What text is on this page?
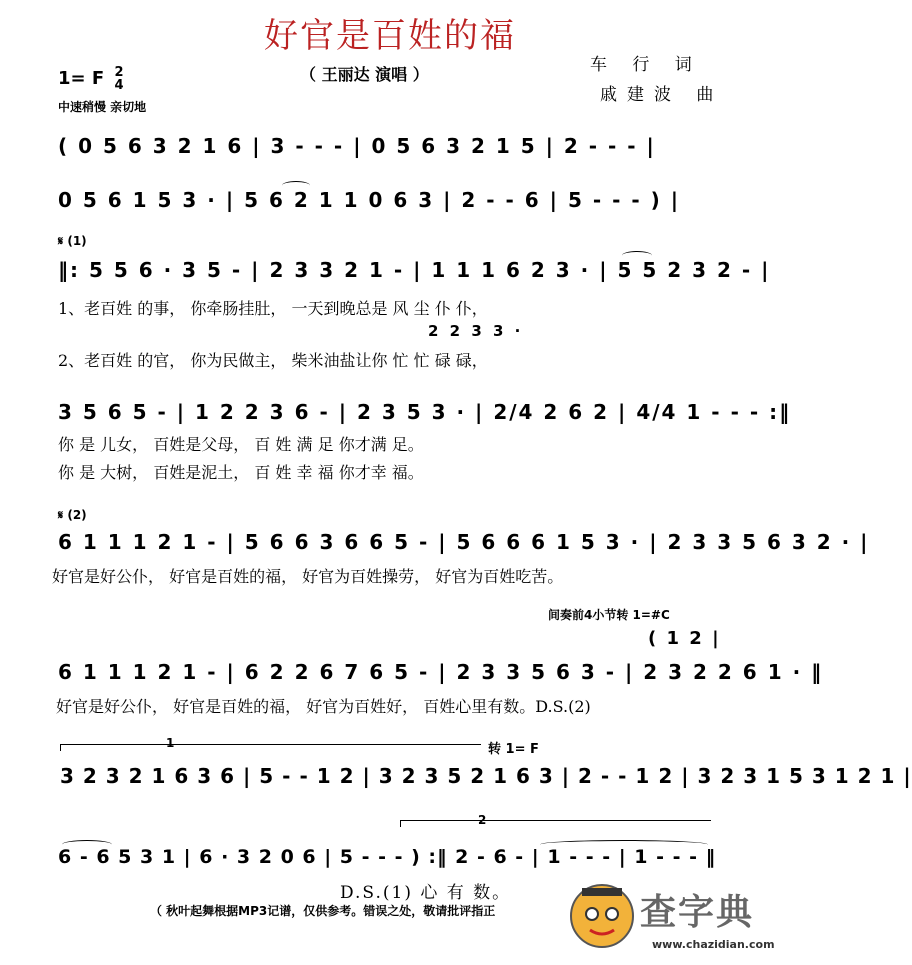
好官是百姓的福
（ 王丽达 演唱 ）	车 行 词
戚建波 曲
1= F 2
4
中速稍慢 亲切地
( 0 5 6 3 2 1 6 | 3 - - - | 0 5 6 3 2 1 5 | 2 - - - |
0 5 6 1 5 3 · | 5 6 2 1 1 0 6 3 | 2 - - 6 | 5 - - - ) |
𝄋 (1)
‖: 5 5 6 · 3 5 - | 2 3 3 2 1 - | 1 1 1 6 2 3 · | 5 5 2 3 2 - |
1、老百姓 的事， 你牵肠挂肚， 一天到晚总是 风 尘 仆 仆，
2 2 3 3 ·
2、老百姓 的官， 你为民做主， 柴米油盐让你 忙 忙 碌 碌，
3 5 6 5 - | 1 2 2 3 6 - | 2 3 5 3 · | 2/4 2 6 2 | 4/4 1 - - - :‖
你 是 儿女， 百姓是父母， 百 姓 满 足 你才满 足。
你 是 大树， 百姓是泥土， 百 姓 幸 福 你才幸 福。
𝄋 (2)
6 1 1 1 2 1 - | 5 6 6 3 6 6 5 - | 5 6 6 6 1 5 3 · | 2 3 3 5 6 3 2 · |
好官是好公仆， 好官是百姓的福， 好官为百姓操劳， 好官为百姓吃苦。
间奏前4小节转 1=#C
( 1 2 |
6 1 1 1 2 1 - | 6 2 2 6 7 6 5 - | 2 3 3 5 6 3 - | 2 3 2 2 6 1 · ‖
好官是好公仆， 好官是百姓的福， 好官为百姓好， 百姓心里有数。D.S.(2)
1	转 1= F
3 2 3 2 1 6 3 6 | 5 - - 1 2 | 3 2 3 5 2 1 6 3 | 2 - - 1 2 | 3 2 3 1 5 3 1 2 1 |
2
6 - 6 5 3 1 | 6 · 3 2 0 6 | 5 - - - ) :‖ 2 - 6 - | 1 - - - | 1 - - - ‖
D.S.(1) 心 有 数。
（ 秋叶起舞根据MP3记谱，仅供参考。错误之处，敬请批评指正	查字典
www.chazidian.com
